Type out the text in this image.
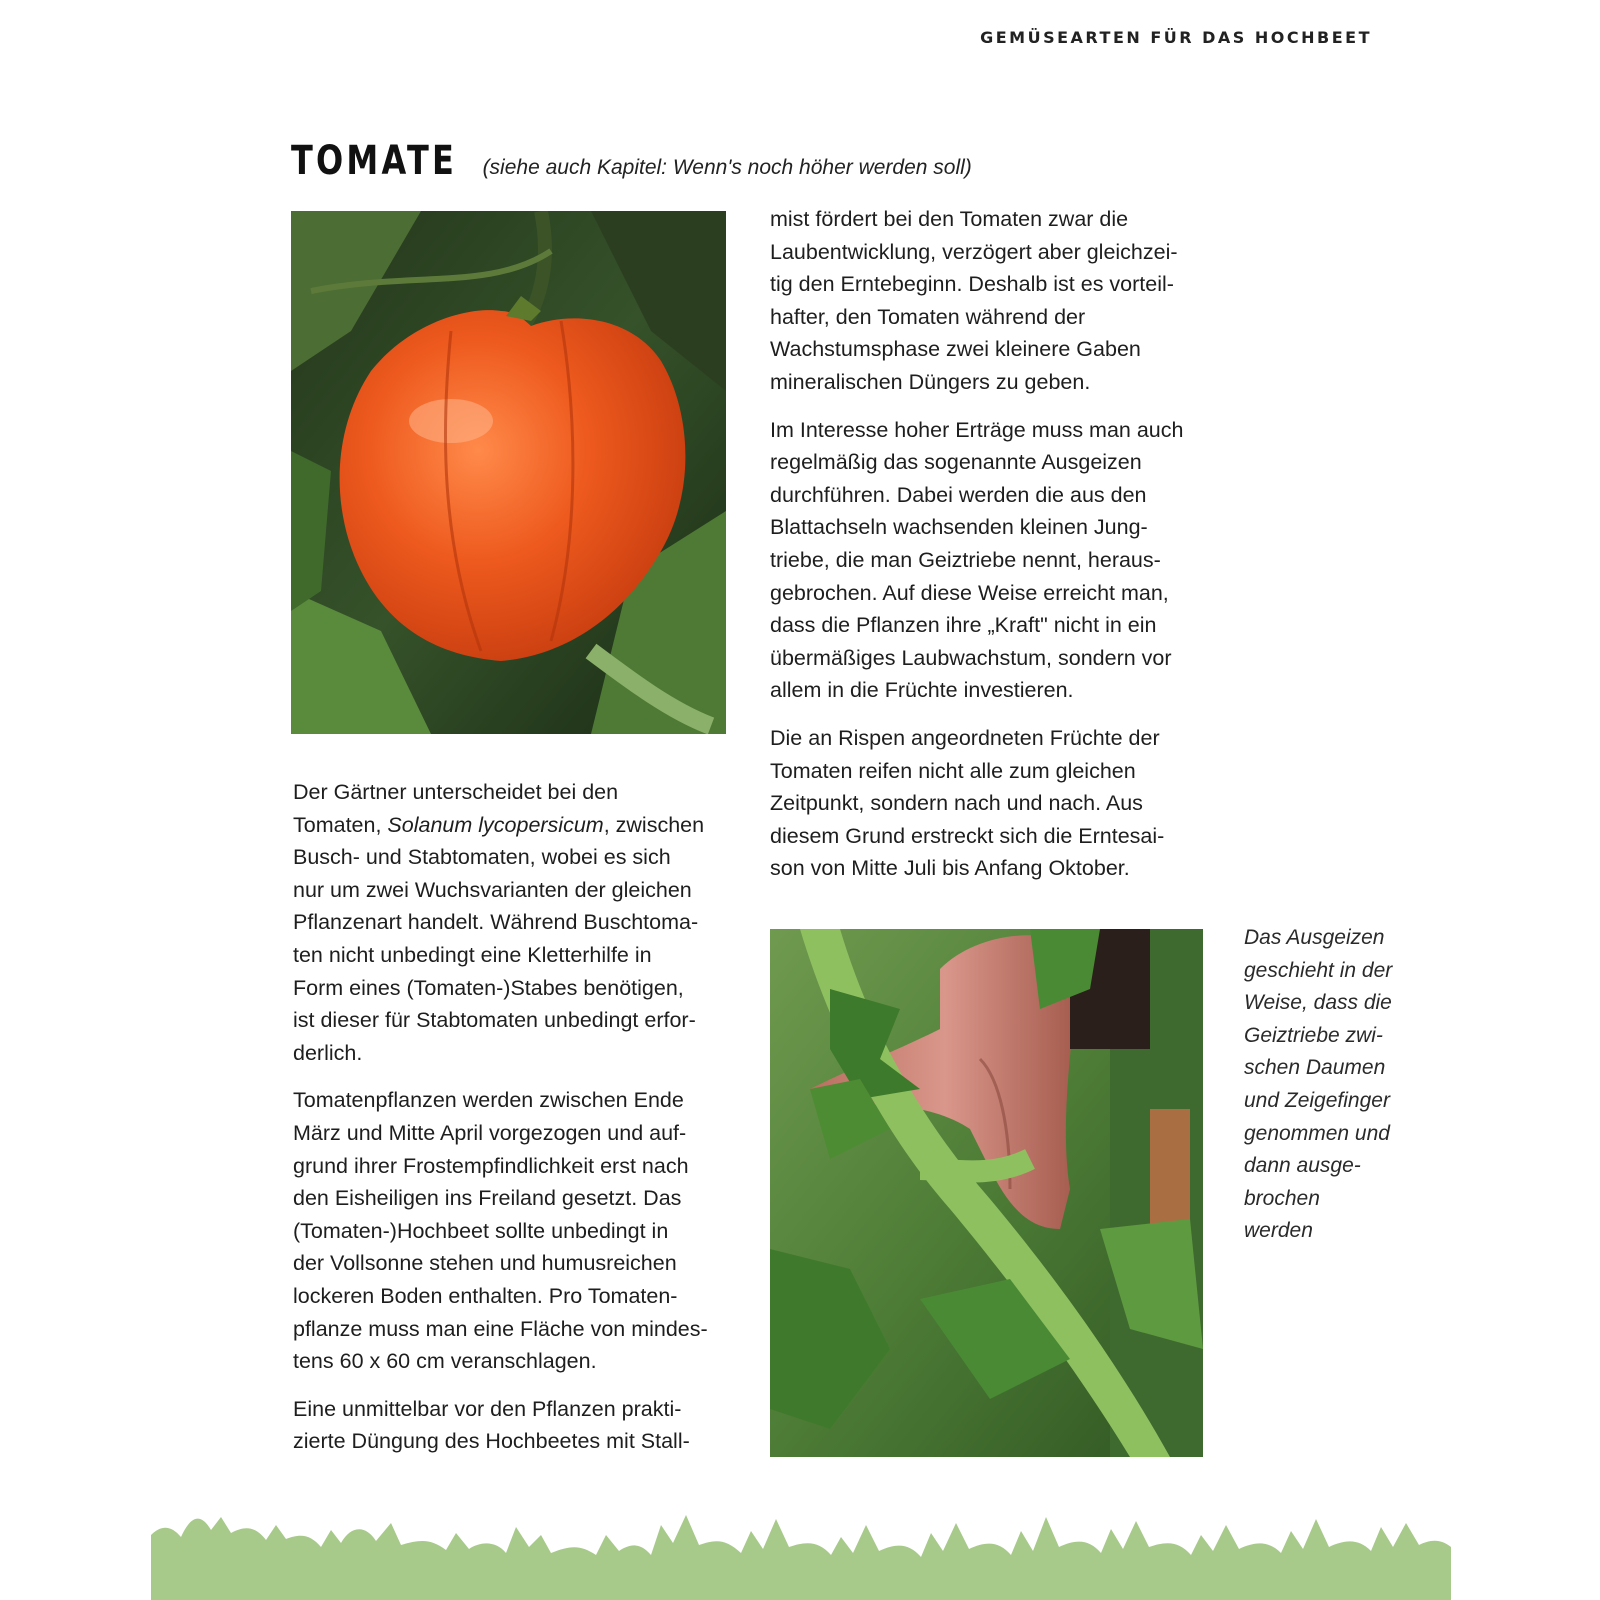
GEMÜSEARTEN FÜR DAS HOCHBEET
TOMATE (siehe auch Kapitel: Wenn's noch höher werden soll)

Der Gärtner unterscheidet bei den
Tomaten, Solanum lycopersicum, zwischen
Busch- und Stabtomaten, wobei es sich
nur um zwei Wuchsvarianten der gleichen
Pflanzenart handelt. Während Buschtoma-
ten nicht unbedingt eine Kletterhilfe in
Form eines (Tomaten-)Stabes benötigen,
ist dieser für Stabtomaten unbedingt erfor-
derlich.

Tomatenpflanzen werden zwischen Ende
März und Mitte April vorgezogen und auf-
grund ihrer Frostempfindlichkeit erst nach
den Eisheiligen ins Freiland gesetzt. Das
(Tomaten-)Hochbeet sollte unbedingt in
der Vollsonne stehen und humusreichen
lockeren Boden enthalten. Pro Tomaten-
pflanze muss man eine Fläche von mindes-
tens 60 x 60 cm veranschlagen.

Eine unmittelbar vor den Pflanzen prakti-
zierte Düngung des Hochbeetes mit Stall-

mist fördert bei den Tomaten zwar die
Laubentwicklung, verzögert aber gleichzei-
tig den Erntebeginn. Deshalb ist es vorteil-
hafter, den Tomaten während der
Wachstumsphase zwei kleinere Gaben
mineralischen Düngers zu geben.

Im Interesse hoher Erträge muss man auch
regelmäßig das sogenannte Ausgeizen
durchführen. Dabei werden die aus den
Blattachseln wachsenden kleinen Jung-
triebe, die man Geiztriebe nennt, heraus-
gebrochen. Auf diese Weise erreicht man,
dass die Pflanzen ihre „Kraft" nicht in ein
übermäßiges Laubwachstum, sondern vor
allem in die Früchte investieren.

Die an Rispen angeordneten Früchte der
Tomaten reifen nicht alle zum gleichen
Zeitpunkt, sondern nach und nach. Aus
diesem Grund erstreckt sich die Erntesai-
son von Mitte Juli bis Anfang Oktober.

Das Ausgeizen
geschieht in der
Weise, dass die
Geiztriebe zwi-
schen Daumen
und Zeigefinger
genommen und
dann ausge-
brochen
werden
